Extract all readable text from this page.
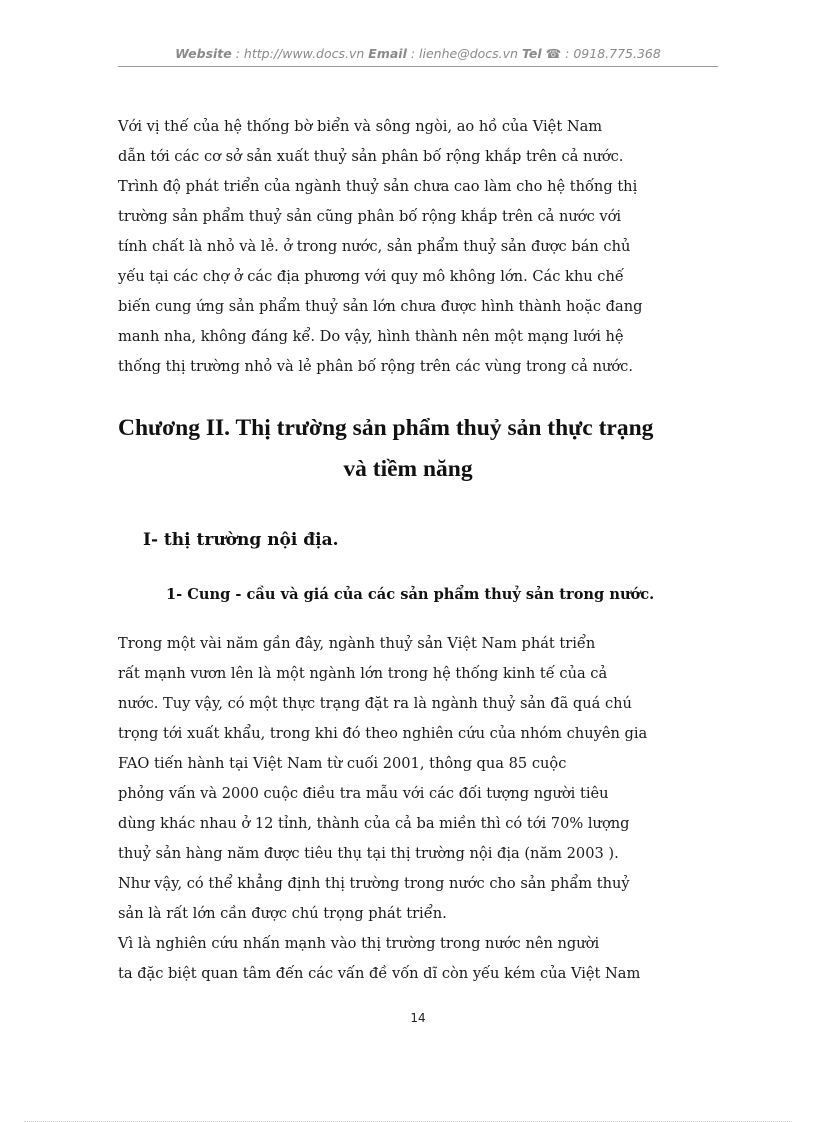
Website : http://www.docs.vn Email : lienhe@docs.vn Tel ☎ : 0918.775.368
Với vị thế của hệ thống bờ biển và sông ngòi, ao hồ của Việt Nam
dẫn tới các cơ sở sản xuất thuỷ sản phân bố rộng khắp trên cả nước.
Trình độ phát triển của ngành thuỷ sản chưa cao làm cho hệ thống thị
trường sản phẩm thuỷ sản cũng phân bố rộng khắp trên cả nước với
tính chất là nhỏ và lẻ. ở trong nước, sản phẩm thuỷ sản được bán chủ
yếu tại các chợ ở các địa phương với quy mô không lớn. Các khu chế
biến cung ứng sản phẩm thuỷ sản lớn chưa được hình thành hoặc đang
manh nha, không đáng kể. Do vậy, hình thành nên một mạng lưới hệ
thống thị trường nhỏ và lẻ phân bố rộng trên các vùng trong cả nước.
Chương II. Thị trường sản phẩm thuỷ sản thực trạng
và tiềm năng
I- thị trường nội địa.
1- Cung - cầu và giá của các sản phẩm thuỷ sản trong nước.
Trong một vài năm gần đây, ngành thuỷ sản Việt Nam phát triển
rất mạnh vươn lên là một ngành lớn trong hệ thống kinh tế của cả
nước. Tuy vậy, có một thực trạng đặt ra là ngành thuỷ sản đã quá chú
trọng tới xuất khẩu, trong khi đó theo nghiên cứu của nhóm chuyên gia
FAO tiến hành tại Việt Nam từ cuối 2001, thông qua 85 cuộc
phỏng vấn và 2000 cuộc điều tra mẫu với các đối tượng người tiêu
dùng khác nhau ở 12 tỉnh, thành của cả ba miền thì có tới 70% lượng
thuỷ sản hàng năm được tiêu thụ tại thị trường nội địa (năm 2003 ).
Như vậy, có thể khẳng định thị trường trong nước cho sản phẩm thuỷ
sản là rất lớn cần được chú trọng phát triển.
Vì là nghiên cứu nhấn mạnh vào thị trường trong nước nên người
ta đặc biệt quan tâm đến các vấn đề vốn dĩ còn yếu kém của Việt Nam
14
